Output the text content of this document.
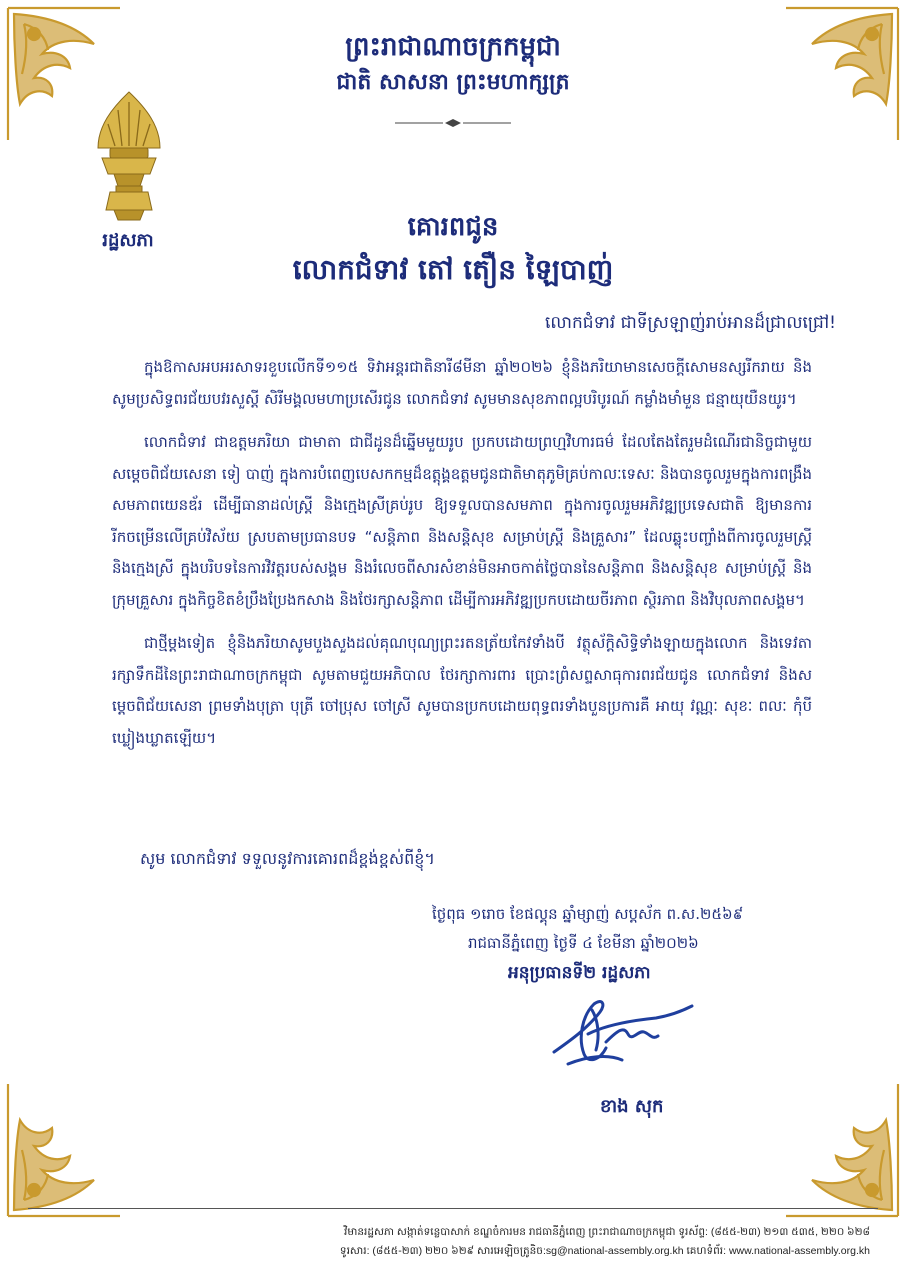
ព្រះរាជាណាចក្រកម្ពុជា
ជាតិ សាសនា ព្រះមហាក្សត្រ
រដ្ឋសភា	គោរពជូន
លោកជំទាវ តៅ តឿន ឡៃបាញ់
លោកជំទាវ ជាទីស្រឡាញ់រាប់អានដ៏ជ្រាលជ្រៅ!

ក្នុងឱកាសអបអរសាទរខួបលើកទី១១៥ ទិវាអន្តរជាតិនារី៨មីនា ឆ្នាំ២០២៦ ខ្ញុំនិងភរិយាមានសេចក្តីសោមនស្សរីករាយ និងសូមប្រសិទ្ធពរជ័យបវរសួស្តី សិរីមង្គលមហាប្រសើរជូន លោកជំទាវ សូមមានសុខភាពល្អបរិបូរណ៍ កម្លាំងមាំមួន ជន្មាយុយឺនយូរ។

លោកជំទាវ ជាឧត្តមភរិយា ជាមាតា ជាជីដូនដ៏ឆ្នើមមួយរូប ប្រកបដោយព្រហ្មវិហារធម៌ ដែលតែងតែរួមដំណើរជានិច្ចជាមួយ សម្តេចពិជ័យសេនា ទៀ បាញ់ ក្នុងការបំពេញបេសកកម្មដ៏ឧត្តុង្គឧត្តមជូនជាតិមាតុភូមិគ្រប់កាលៈទេសៈ និងបានចូលរួមក្នុងការពង្រឹងសមភាពយេនឌ័រ ដើម្បីធានាដល់ស្ត្រី និងក្មេងស្រីគ្រប់រូប ឱ្យទទួលបានសមភាព ក្នុងការចូលរួមអភិវឌ្ឍប្រទេសជាតិ ឱ្យមានការរីកចម្រើនលើគ្រប់វិស័យ ស្របតាមប្រធានបទ “សន្តិភាព និងសន្តិសុខ សម្រាប់ស្ត្រី និងគ្រួសារ” ដែលឆ្លុះបញ្ចាំងពីការចូលរួមស្ត្រី និងក្មេងស្រី ក្នុងបរិបទនៃការវិវត្តរបស់សង្គម និងរំលេចពីសារសំខាន់មិនអាចកាត់ថ្លៃបាននៃសន្តិភាព និងសន្តិសុខ សម្រាប់ស្ត្រី និងក្រុមគ្រួសារ ក្នុងកិច្ចខិតខំប្រឹងប្រែងកសាង និងថែរក្សាសន្តិភាព ដើម្បីការអភិវឌ្ឍប្រកបដោយចីរភាព ស្ថិរភាព និងវិបុលភាពសង្គម។

ជាថ្មីម្តងទៀត ខ្ញុំនិងភរិយាសូមបួងសួងដល់គុណបុណ្យព្រះរតនត្រ័យកែវទាំងបី វត្ថុស័ក្តិសិទ្ធិទាំងឡាយក្នុងលោក និងទេវតារក្សាទឹកដីនៃព្រះរាជាណាចក្រកម្ពុជា សូមតាមជួយអភិបាល ថែរក្សាការពារ ប្រោះព្រំសព្ទសាធុការពរជ័យជូន លោកជំទាវ និងសម្តេចពិជ័យសេនា ព្រមទាំងបុត្រា បុត្រី ចៅប្រុស ចៅស្រី សូមបានប្រកបដោយពុទ្ធពរទាំងបួនប្រការគឺ អាយុ វណ្ណៈ សុខៈ ពលៈ កុំបីឃ្លៀងឃ្លាតឡើយ។

សូម លោកជំទាវ ទទួលនូវការគោរពដ៏ខ្ពង់ខ្ពស់ពីខ្ញុំ។
ថ្ងៃពុធ ១រោច ខែផល្គុន ឆ្នាំម្សាញ់ សប្តស័ក ព.ស.២៥៦៩
រាជធានីភ្នំពេញ ថ្ងៃទី ៤ ខែមីនា ឆ្នាំ២០២៦
អនុប្រធានទី២ រដ្ឋសភា
ខាង សុក
វិមានរដ្ឋសភា សង្កាត់ទន្លេបាសាក់ ខណ្ឌចំការមន រាជធានីភ្នំពេញ ព្រះរាជាណាចក្រកម្ពុជា ទូរស័ព្ទ: (៨៥៥-២៣) ២១៣ ៥៣៥, ២២០ ៦២៨
ទូរសារ: (៨៥៥-២៣) ២២០ ៦២៩ សារអេឡិចត្រូនិច:sg@national-assembly.org.kh គេហទំព័រ: www.national-assembly.org.kh
